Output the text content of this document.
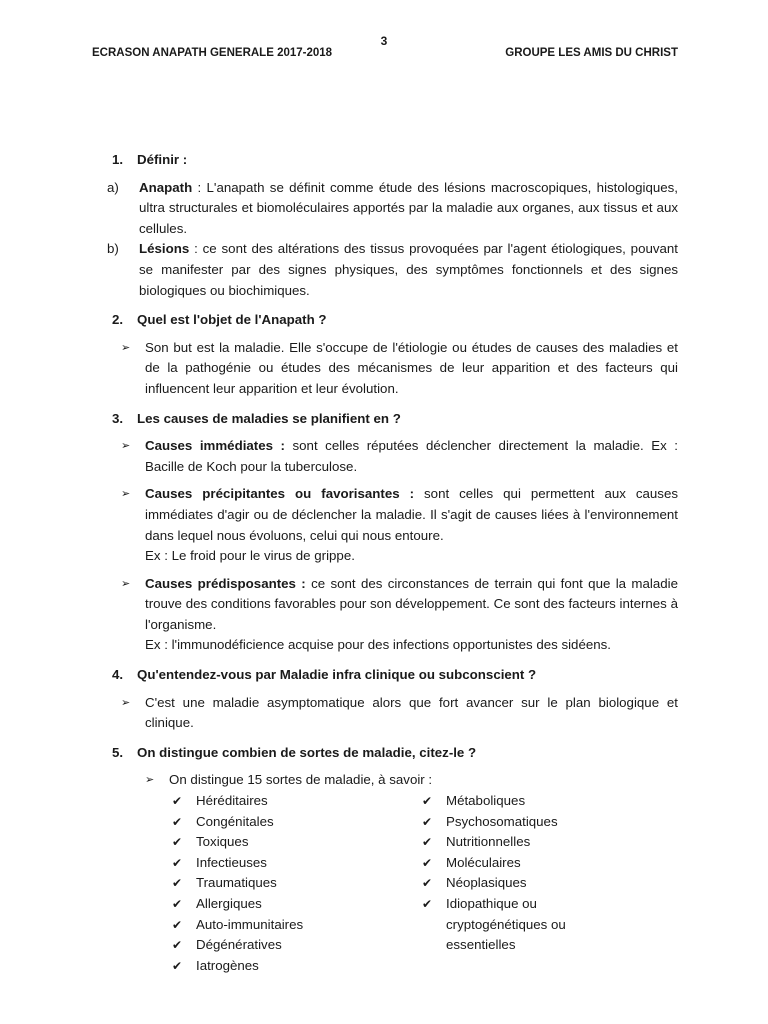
3
ECRASON ANAPATH GENERALE 2017-2018	GROUPE LES AMIS DU CHRIST
1.	Définir :
a)	Anapath : L'anapath se définit comme étude des lésions macroscopiques, histologiques, ultra structurales et biomoléculaires apportés par la maladie aux organes, aux tissus et aux cellules.
b)	Lésions : ce sont des altérations des tissus provoquées par l'agent étiologiques, pouvant se manifester par des signes physiques, des symptômes fonctionnels et des signes biologiques ou biochimiques.
2.	Quel est l'objet de l'Anapath ?
➢	Son but est la maladie. Elle s'occupe de l'étiologie ou études de causes des maladies et de la pathogénie ou études des mécanismes de leur apparition et des facteurs qui influencent leur apparition et leur évolution.
3.	Les causes de maladies se planifient en ?
➢	Causes immédiates : sont celles réputées déclencher directement la maladie. Ex : Bacille de Koch pour la tuberculose.
➢	Causes précipitantes ou favorisantes : sont celles qui permettent aux causes immédiates d'agir ou de déclencher la maladie. Il s'agit de causes liées à l'environnement dans lequel nous évoluons, celui qui nous entoure.
Ex : Le froid pour le virus de grippe.
➢	Causes prédisposantes : ce sont des circonstances de terrain qui font que la maladie trouve des conditions favorables pour son développement. Ce sont des facteurs internes à l'organisme.
Ex : l'immunodéficience acquise pour des infections opportunistes des sidéens.
4.	Qu'entendez-vous par Maladie infra clinique ou subconscient ?
➢	C'est une maladie asymptomatique alors que fort avancer sur le plan biologique et clinique.
5.	On distingue combien de sortes de maladie, citez-le ?
➢	On distingue 15 sortes de maladie, à savoir :
✔	Héréditaires
✔	Congénitales
✔	Toxiques
✔	Infectieuses
✔	Traumatiques
✔	Allergiques
✔	Auto-immunitaires
✔	Dégénératives
✔	Iatrogènes
✔	Métaboliques
✔	Psychosomatiques
✔	Nutritionnelles
✔	Moléculaires
✔	Néoplasiques
✔	Idiopathique ou
cryptogénétiques ou
essentielles
